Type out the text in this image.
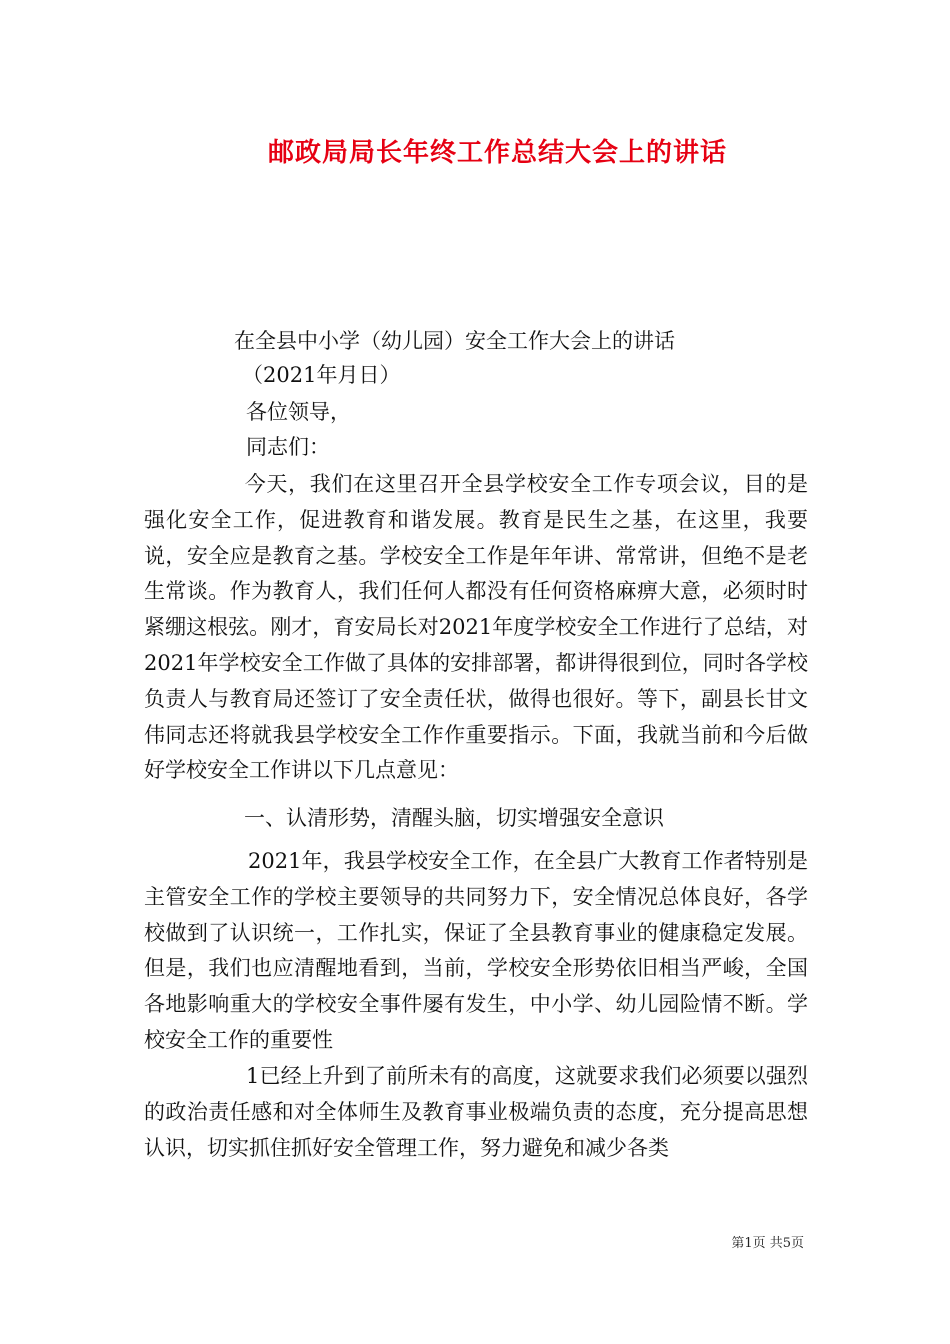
邮政局局长年终工作总结大会上的讲话
在全县中小学（幼儿园）安全工作大会上的讲话
（2021年月日）
各位领导，
同志们：
今天，我们在这里召开全县学校安全工作专项会议，目的是强化安全工作，促进教育和谐发展。教育是民生之基，在这里，我要说，安全应是教育之基。学校安全工作是年年讲、常常讲，但绝不是老生常谈。作为教育人，我们任何人都没有任何资格麻痹大意，必须时时紧绷这根弦。刚才，育安局长对2021年度学校安全工作进行了总结，对2021年学校安全工作做了具体的安排部署，都讲得很到位，同时各学校负责人与教育局还签订了安全责任状，做得也很好。等下，副县长甘文伟同志还将就我县学校安全工作作重要指示。下面，我就当前和今后做好学校安全工作讲以下几点意见：
一、认清形势，清醒头脑，切实增强安全意识
2021年，我县学校安全工作，在全县广大教育工作者特别是主管安全工作的学校主要领导的共同努力下，安全情况总体良好，各学校做到了认识统一，工作扎实，保证了全县教育事业的健康稳定发展。但是，我们也应清醒地看到，当前，学校安全形势依旧相当严峻，全国各地影响重大的学校安全事件屡有发生，中小学、幼儿园险情不断。学校安全工作的重要性
1已经上升到了前所未有的高度，这就要求我们必须要以强烈的政治责任感和对全体师生及教育事业极端负责的态度，充分提高思想认识，切实抓住抓好安全管理工作，努力避免和减少各类
第1页 共5页
